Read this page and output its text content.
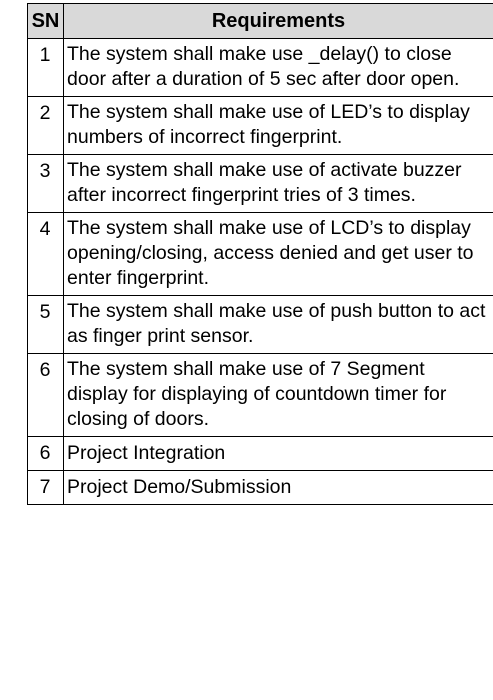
SN	Requirements
1	The system shall make use _delay() to close door after a duration of 5 sec after door open.
2	The system shall make use of LED’s to display numbers of incorrect fingerprint.
3	The system shall make use of activate buzzer after incorrect fingerprint tries of 3 times.
4	The system shall make use of LCD’s to display opening/closing, access denied and get user to enter fingerprint.
5	The system shall make use of push button to act as finger print sensor.
6	The system shall make use of 7 Segment display for displaying of countdown timer for closing of doors.
6	Project Integration
7	Project Demo/Submission
